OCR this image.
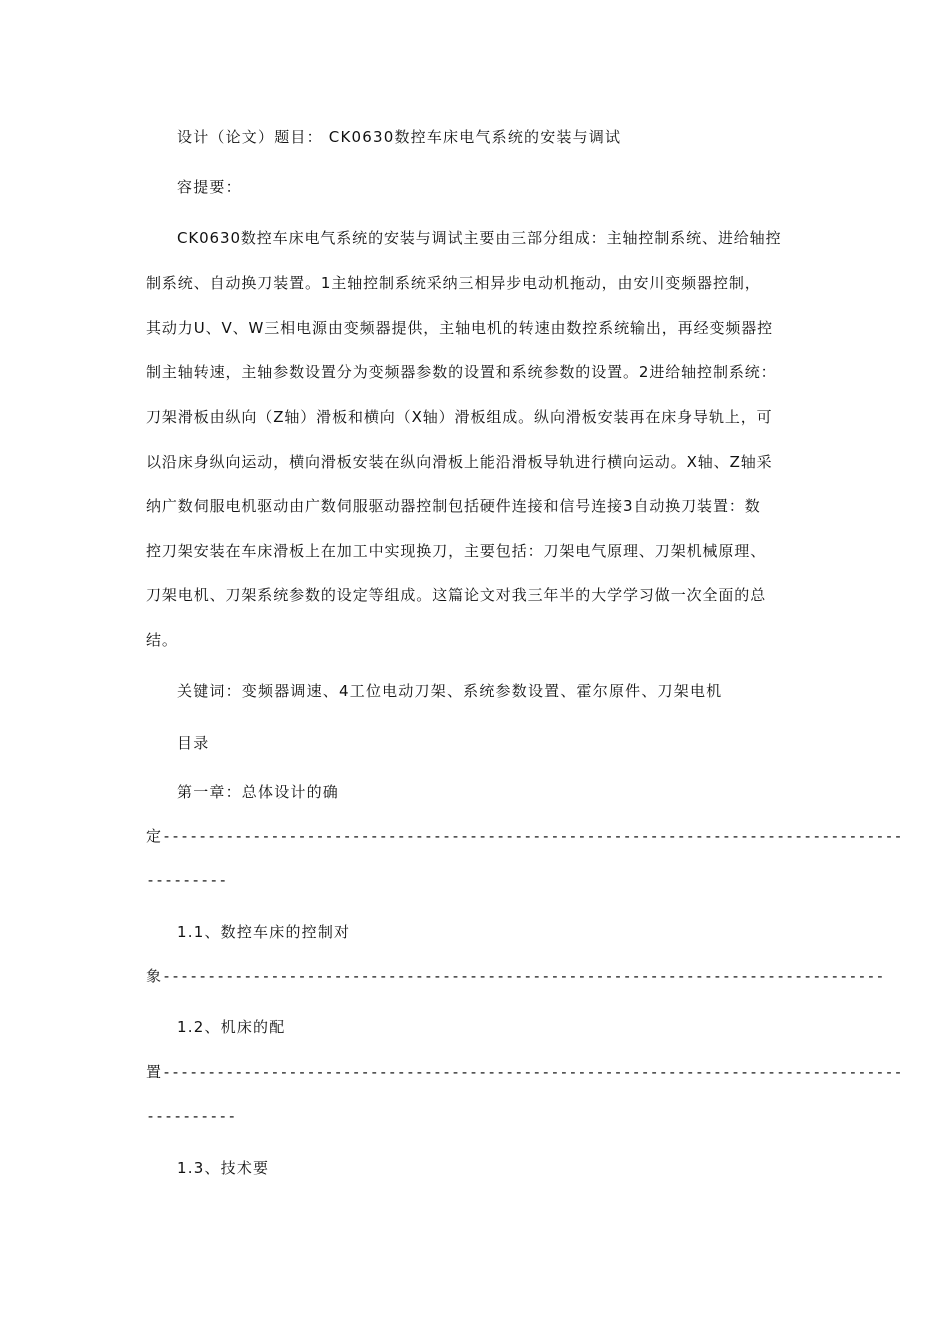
设计（论文）题目： CK0630数控车床电气系统的安装与调试
容提要：
CK0630数控车床电气系统的安装与调试主要由三部分组成：主轴控制系统、进给轴控
制系统、自动换刀装置。1主轴控制系统采纳三相异步电动机拖动，由安川变频器控制，
其动力U、V、W三相电源由变频器提供，主轴电机的转速由数控系统输出，再经变频器控
制主轴转速，主轴参数设置分为变频器参数的设置和系统参数的设置。2进给轴控制系统：
刀架滑板由纵向（Z轴）滑板和横向（X轴）滑板组成。纵向滑板安装再在床身导轨上，可
以沿床身纵向运动，横向滑板安装在纵向滑板上能沿滑板导轨进行横向运动。X轴、Z轴采
纳广数伺服电机驱动由广数伺服驱动器控制包括硬件连接和信号连接3自动换刀装置：数
控刀架安装在车床滑板上在加工中实现换刀，主要包括：刀架电气原理、刀架机械原理、
刀架电机、刀架系统参数的设定等组成。这篇论文对我三年半的大学学习做一次全面的总
结。
关键词：变频器调速、4工位电动刀架、系统参数设置、霍尔原件、刀架电机
目录
第一章：总体设计的确
定 ----------------------------------------------------------------------------------
---------
1.1、数控车床的控制对
象 --------------------------------------------------------------------------------
1.2、机床的配
置 ----------------------------------------------------------------------------------
----------
1.3、技术要
